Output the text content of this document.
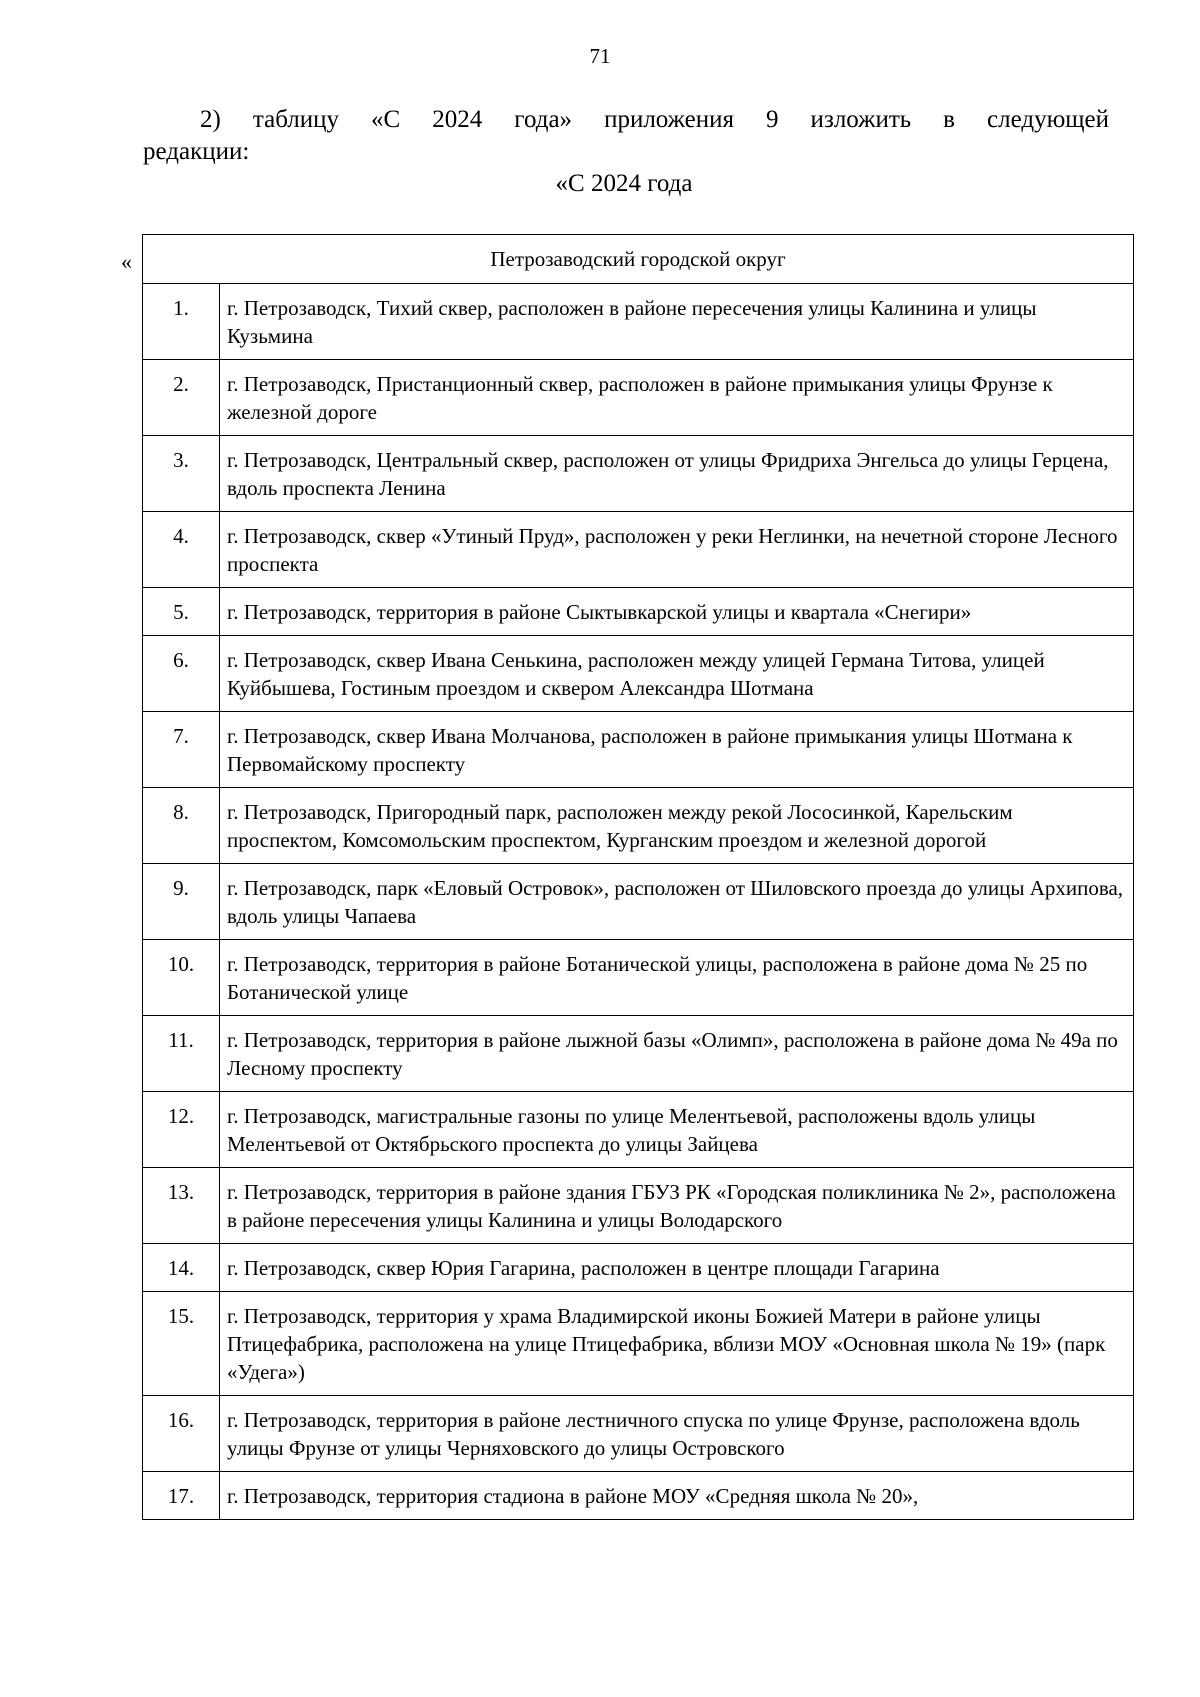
71
2) таблицу «С 2024 года» приложения 9 изложить в следующей
редакции:
«С 2024 года
«	Петрозаводский городской округ	
1.	г. Петрозаводск, Тихий сквер, расположен в районе пересечения улицы Калинина и улицы Кузьмина
2.	г. Петрозаводск, Пристанционный сквер, расположен в районе примыкания улицы Фрунзе к железной дороге
3.	г. Петрозаводск, Центральный сквер, расположен от улицы Фридриха Энгельса до улицы Герцена, вдоль проспекта Ленина
4.	г. Петрозаводск, сквер «Утиный Пруд», расположен у реки Неглинки, на нечетной стороне Лесного проспекта
5.	г. Петрозаводск, территория в районе Сыктывкарской улицы и квартала «Снегири»
6.	г. Петрозаводск, сквер Ивана Сенькина, расположен между улицей Германа Титова, улицей Куйбышева, Гостиным проездом и сквером Александра Шотмана
7.	г. Петрозаводск, сквер Ивана Молчанова, расположен в районе примыкания улицы Шотмана к Первомайскому проспекту
8.	г. Петрозаводск, Пригородный парк, расположен между рекой Лососинкой, Карельским проспектом, Комсомольским проспектом, Курганским проездом и железной дорогой
9.	г. Петрозаводск, парк «Еловый Островок», расположен от Шиловского проезда до улицы Архипова, вдоль улицы Чапаева
10.	г. Петрозаводск, территория в районе Ботанической улицы, расположена в районе дома № 25 по Ботанической улице
11.	г. Петрозаводск, территория в районе лыжной базы «Олимп», расположена в районе дома № 49а по Лесному проспекту
12.	г. Петрозаводск, магистральные газоны по улице Мелентьевой, расположены вдоль улицы Мелентьевой от Октябрьского проспекта до улицы Зайцева
13.	г. Петрозаводск, территория в районе здания ГБУЗ РК «Городская поликлиника № 2», расположена в районе пересечения улицы Калинина и улицы Володарского
14.	г. Петрозаводск, сквер Юрия Гагарина, расположен в центре площади Гагарина
15.	г. Петрозаводск, территория у храма Владимирской иконы Божией Матери в районе улицы Птицефабрика, расположена на улице Птицефабрика, вблизи МОУ «Основная школа № 19» (парк «Удега»)
16.	г. Петрозаводск, территория в районе лестничного спуска по улице Фрунзе, расположена вдоль улицы Фрунзе от улицы Черняховского до улицы Островского
17.	г. Петрозаводск, территория стадиона в районе МОУ «Средняя школа № 20»,
